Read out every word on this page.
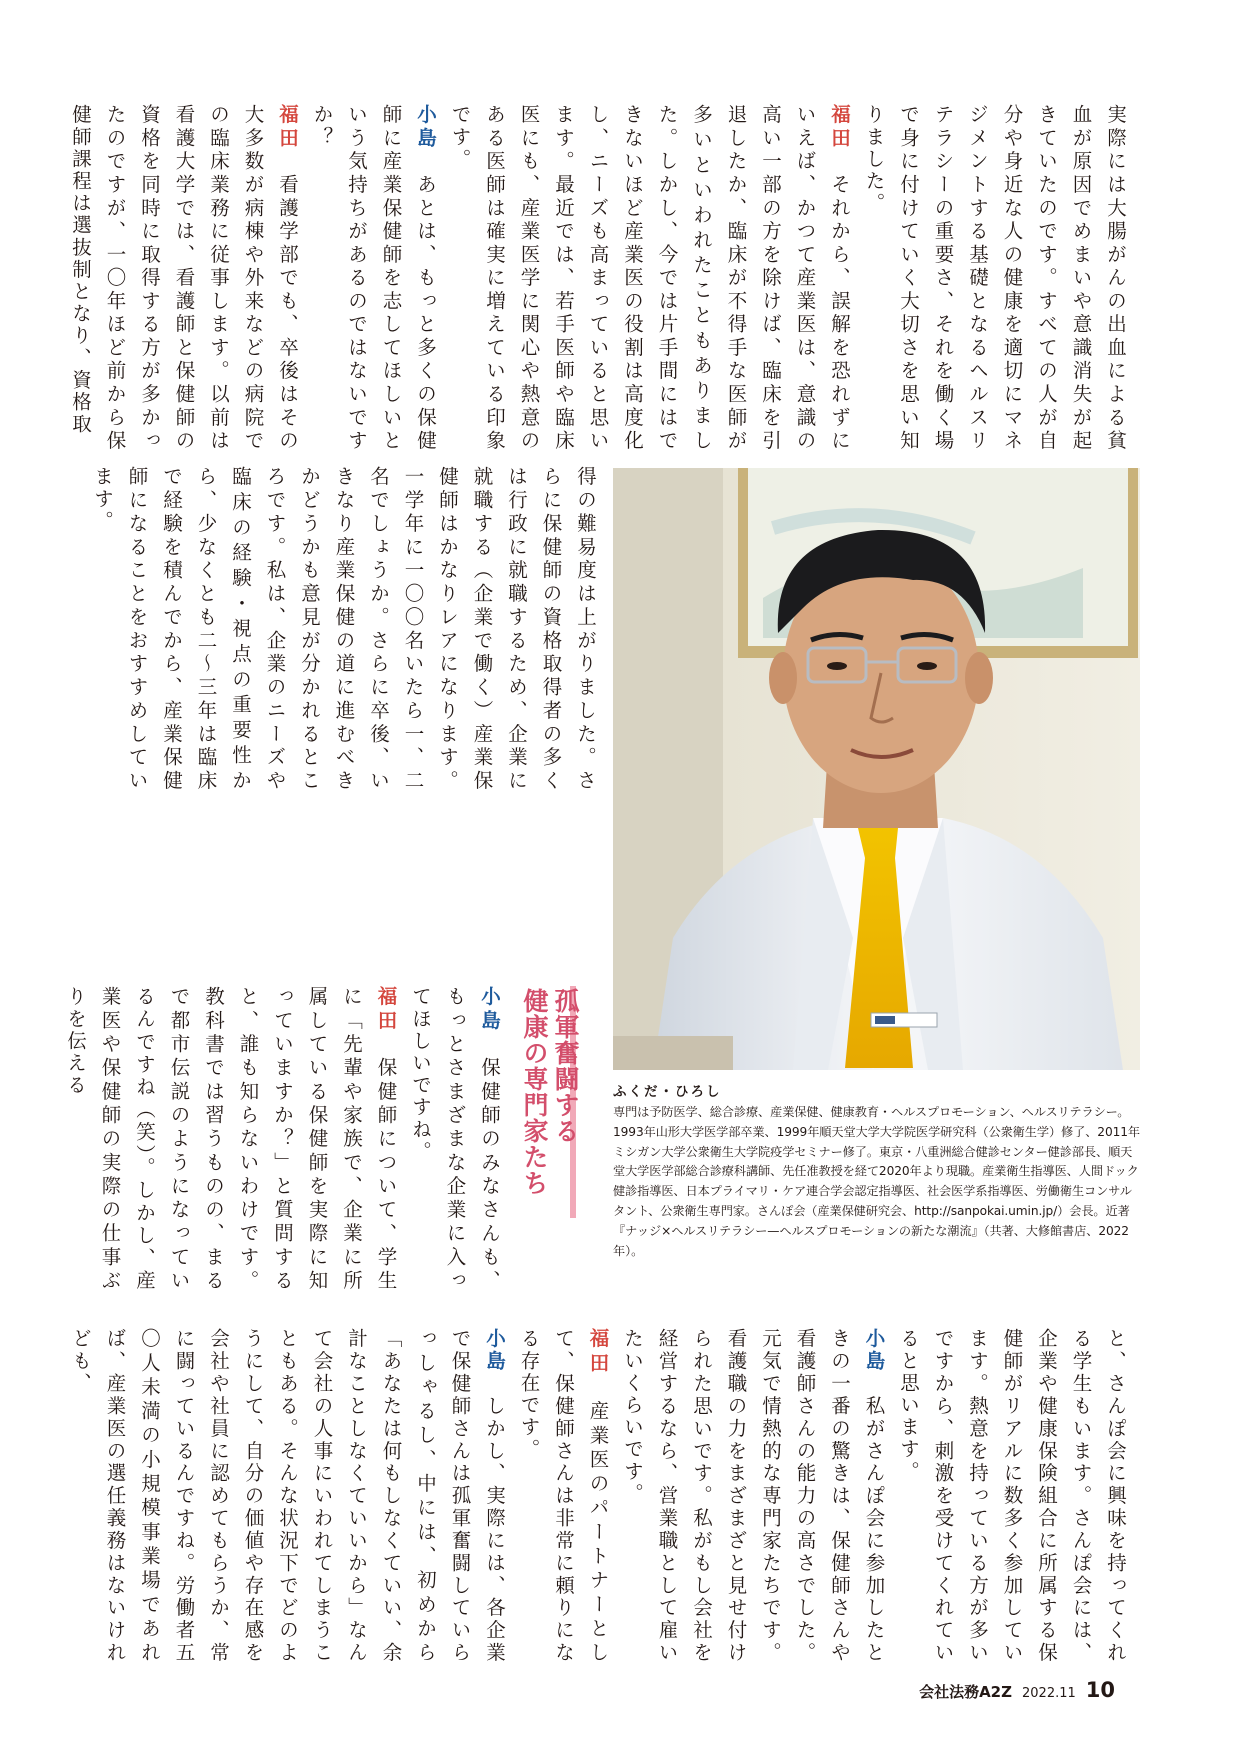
実際には大腸がんの出血による貧血が原因でめまいや意識消失が起きていたのです。すべての人が自分や身近な人の健康を適切にマネジメントする基礎となるヘルスリテラシーの重要さ、それを働く場で身に付けていく大切さを思い知りました。

福田　それから、誤解を恐れずにいえば、かつて産業医は、意識の高い一部の方を除けば、臨床を引退したか、臨床が不得手な医師が多いといわれたこともありました。しかし、今では片手間にはできないほど産業医の役割は高度化し、ニーズも高まっていると思います。最近では、若手医師や臨床医にも、産業医学に関心や熱意のある医師は確実に増えている印象です。

小島　あとは、もっと多くの保健師に産業保健師を志してほしいという気持ちがあるのではないですか？

福田　看護学部でも、卒後はその大多数が病棟や外来などの病院での臨床業務に従事します。以前は看護大学では、看護師と保健師の資格を同時に取得する方が多かったのですが、一〇年ほど前から保健師課程は選抜制となり、資格取

得の難易度は上がりました。さらに保健師の資格取得者の多くは行政に就職するため、企業に就職する（企業で働く）産業保健師はかなりレアになります。一学年に一〇〇名いたら一、二名でしょうか。さらに卒後、いきなり産業保健の道に進むべきかどうかも意見が分かれるところです。私は、企業のニーズや臨床の経験・視点の重要性から、少なくとも二～三年は臨床で経験を積んでから、産業保健師になることをおすすめしています。

ふくだ・ひろし
専門は予防医学、総合診療、産業保健、健康教育・ヘルスプロモーション、ヘルスリテラシー。1993年山形大学医学部卒業、1999年順天堂大学大学院医学研究科（公衆衛生学）修了、2011年ミシガン大学公衆衛生大学院疫学セミナー修了。東京・八重洲総合健診センター健診部長、順天堂大学医学部総合診療科講師、先任准教授を経て2020年より現職。産業衛生指導医、人間ドック健診指導医、日本プライマリ・ケア連合学会認定指導医、社会医学系指導医、労働衛生コンサルタント、公衆衛生専門家。さんぽ会（産業保健研究会、http://sanpokai.umin.jp/）会長。近著『ナッジ×ヘルスリテラシー—ヘルスプロモーションの新たな潮流』（共著、大修館書店、2022年）。
孤軍奮闘する
健康の専門家たち

小島　保健師のみなさんも、もっとさまざまな企業に入ってほしいですね。

福田　保健師について、学生に「先輩や家族で、企業に所属している保健師を実際に知っていますか？」と質問すると、誰も知らないわけです。教科書では習うものの、まるで都市伝説のようになっているんですね（笑）。しかし、産業医や保健師の実際の仕事ぶりを伝える

と、さんぽ会に興味を持ってくれる学生もいます。さんぽ会には、企業や健康保険組合に所属する保健師がリアルに数多く参加しています。熱意を持っている方が多いですから、刺激を受けてくれていると思います。

小島　私がさんぽ会に参加したときの一番の驚きは、保健師さんや看護師さんの能力の高さでした。元気で情熱的な専門家たちです。看護職の力をまざまざと見せ付けられた思いです。私がもし会社を経営するなら、営業職として雇いたいくらいです。

福田　産業医のパートナーとして、保健師さんは非常に頼りになる存在です。

小島　しかし、実際には、各企業で保健師さんは孤軍奮闘していらっしゃるし、中には、初めから「あなたは何もしなくていい、余計なことしなくていいから」なんて会社の人事にいわれてしまうこともある。そんな状況下でどのようにして、自分の価値や存在感を会社や社員に認めてもらうか、常に闘っているんですね。労働者五〇人未満の小規模事業場であれば、産業医の選任義務はないけれども、

会社法務A2Z 2022.11 10
